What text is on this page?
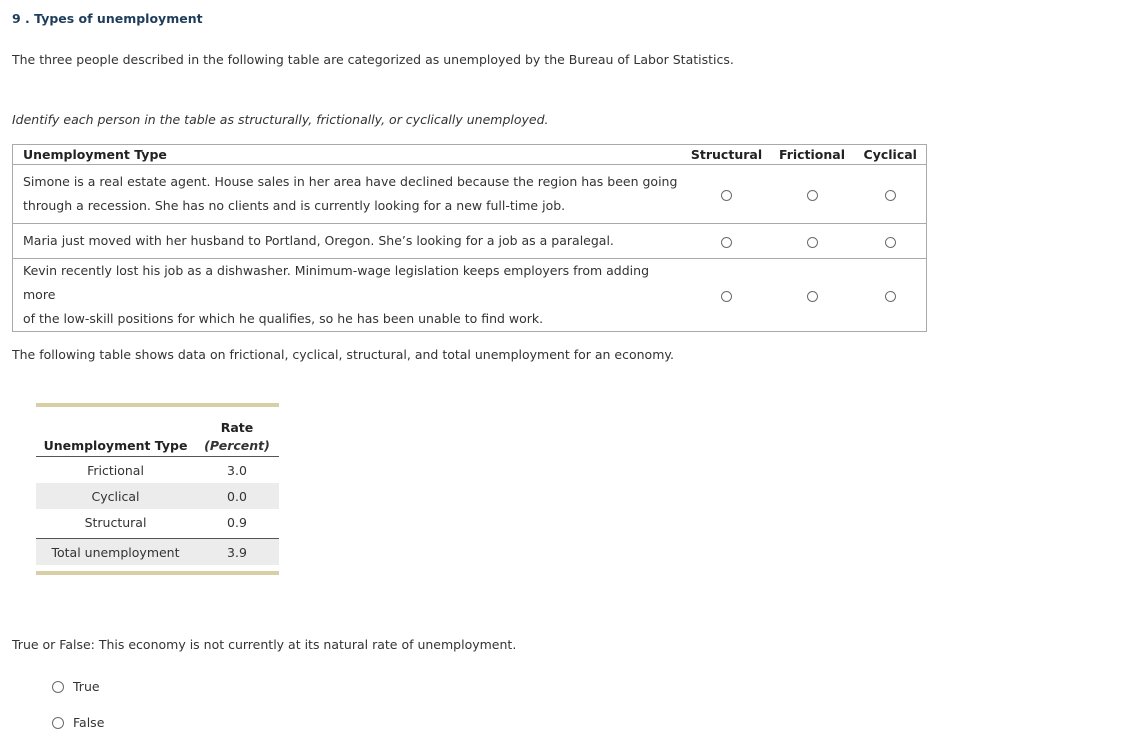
9 . Types of unemployment
The three people described in the following table are categorized as unemployed by the Bureau of Labor Statistics.
Identify each person in the table as structurally, frictionally, or cyclically unemployed.
Unemployment Type	Structural	Frictional	Cyclical

Simone is a real estate agent. House sales in her area have declined because the region has been going
through a recession. She has no clients and is currently looking for a new full-time job.			

Maria just moved with her husband to Portland, Oregon. She’s looking for a job as a paralegal.			

Kevin recently lost his job as a dishwasher. Minimum-wage legislation keeps employers from adding more
of the low-skill positions for which he qualifies, so he has been unable to find work.			

The following table shows data on frictional, cyclical, structural, and total unemployment for an economy.
Rate
Unemployment Type	(Percent)
Frictional	3.0
Cyclical	0.0
Structural	0.9
Total unemployment	3.9
True or False: This economy is not currently at its natural rate of unemployment.
True
False
